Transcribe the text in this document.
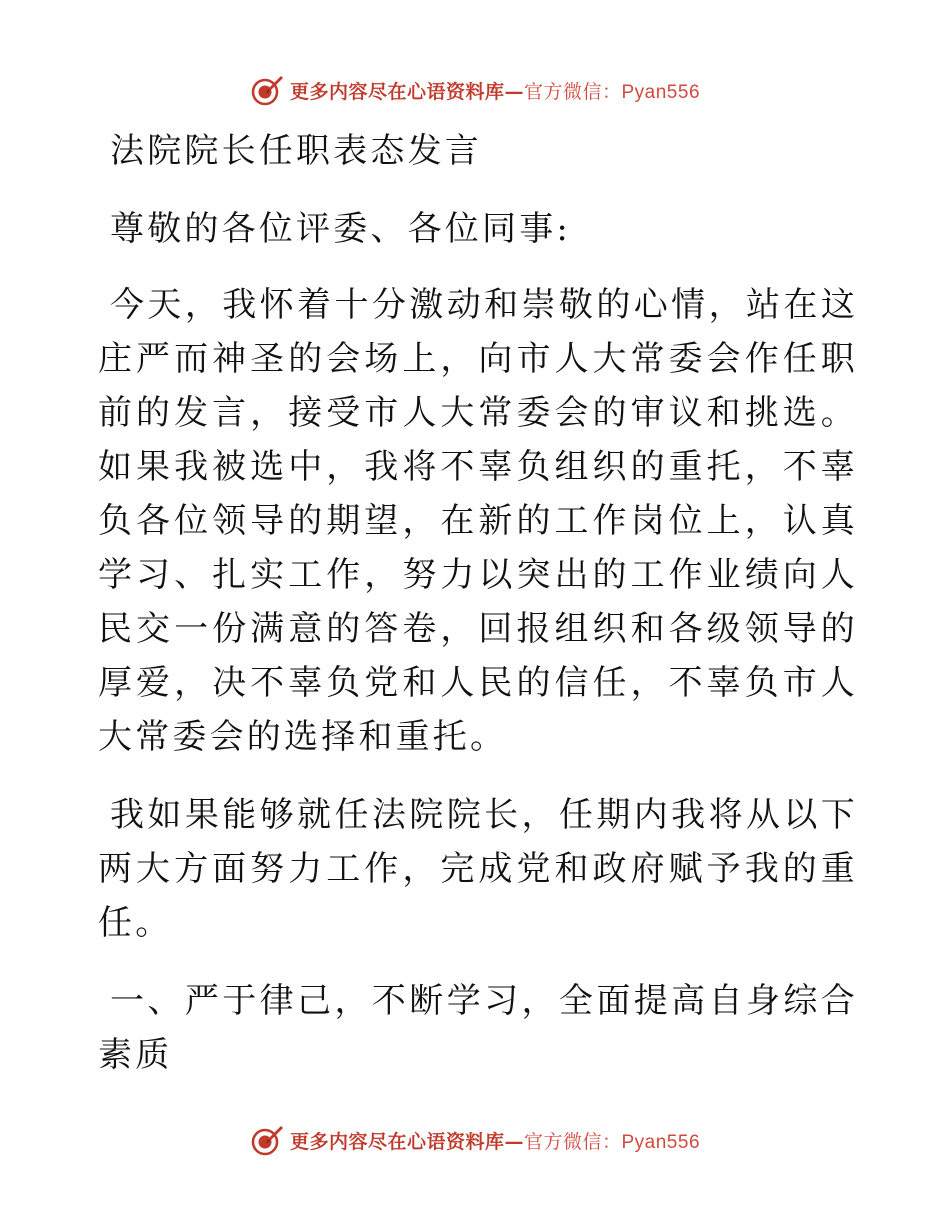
更多内容尽在心语资料库—官方微信：Pyan556

法院院长任职表态发言

尊敬的各位评委、各位同事:

今天，我怀着十分激动和崇敬的心情，站在这庄严而神圣的会场上，向市人大常委会作任职前的发言，接受市人大常委会的审议和挑选。如果我被选中，我将不辜负组织的重托，不辜负各位领导的期望，在新的工作岗位上，认真学习、扎实工作，努力以突出的工作业绩向人民交一份满意的答卷，回报组织和各级领导的厚爱，决不辜负党和人民的信任，不辜负市人大常委会的选择和重托。

我如果能够就任法院院长，任期内我将从以下两大方面努力工作，完成党和政府赋予我的重任。

一、严于律己，不断学习，全面提高自身综合素质

更多内容尽在心语资料库—官方微信：Pyan556
